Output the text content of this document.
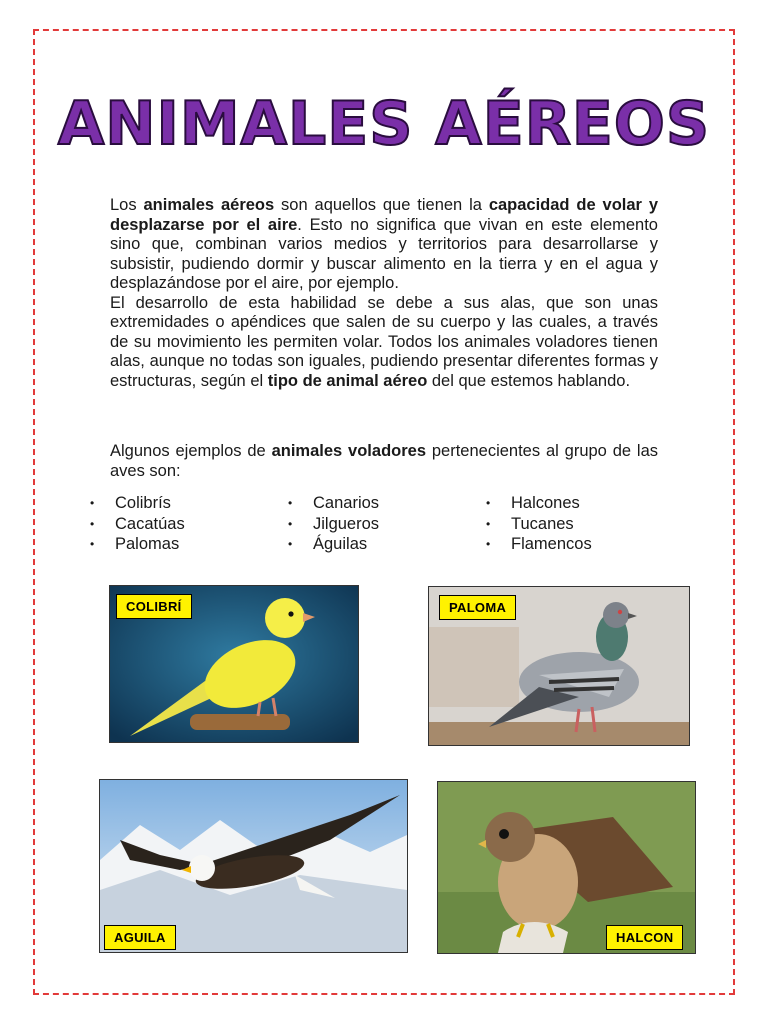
ANIMALES AÉREOS

Los animales aéreos son aquellos que tienen la capacidad de volar y desplazarse por el aire. Esto no significa que vivan en este elemento sino que, combinan varios medios y territorios para desarrollarse y subsistir, pudiendo dormir y buscar alimento en la tierra y en el agua y desplazándose por el aire, por ejemplo.

El desarrollo de esta habilidad se debe a sus alas, que son unas extremidades o apéndices que salen de su cuerpo y las cuales, a través de su movimiento les permiten volar. Todos los animales voladores tienen alas, aunque no todas son iguales, pudiendo presentar diferentes formas y estructuras, según el tipo de animal aéreo del que estemos hablando.

Algunos ejemplos de animales voladores pertenecientes al grupo de las aves son:

• Colibrís
• Cacatúas
• Palomas
• Canarios
• Jilgueros
• Águilas
• Halcones
• Tucanes
• Flamencos
COLIBRÍ	PALOMA
AGUILA	HALCON
